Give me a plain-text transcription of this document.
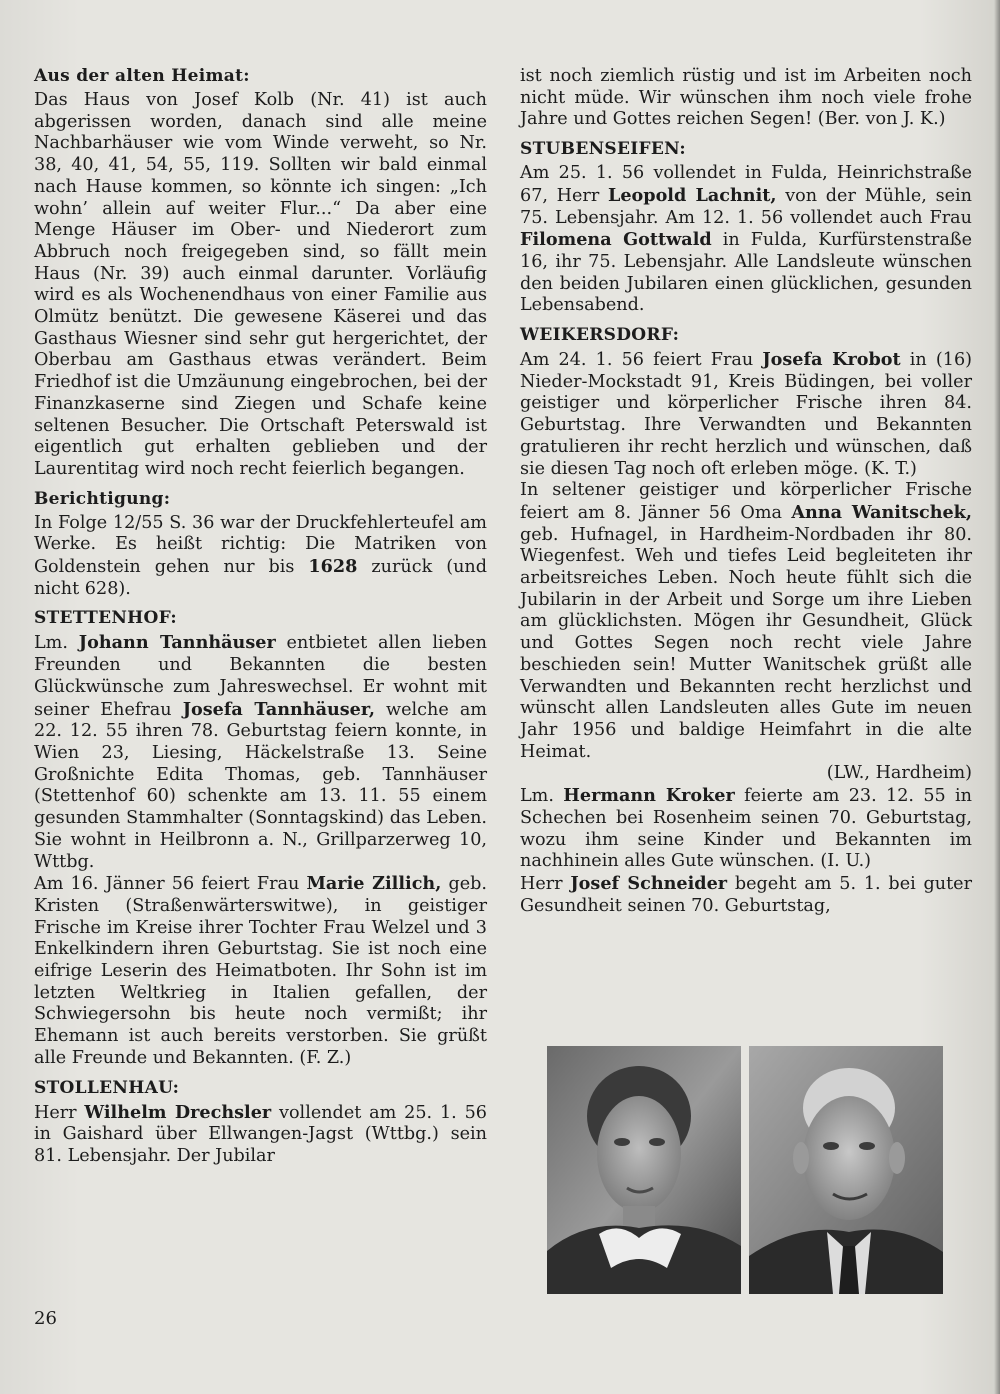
Aus der alten Heimat:

Das Haus von Josef Kolb (Nr. 41) ist auch abgerissen worden, danach sind alle meine Nachbarhäuser wie vom Winde verweht, so Nr. 38, 40, 41, 54, 55, 119. Sollten wir bald einmal nach Hause kommen, so könnte ich singen: „Ich wohn’ allein auf weiter Flur...“ Da aber eine Menge Häuser im Ober- und Niederort zum Abbruch noch freigegeben sind, so fällt mein Haus (Nr. 39) auch einmal darunter. Vorläufig wird es als Wochenendhaus von einer Familie aus Olmütz benützt. Die gewesene Käserei und das Gasthaus Wiesner sind sehr gut hergerichtet, der Oberbau am Gasthaus etwas verändert. Beim Friedhof ist die Umzäunung eingebrochen, bei der Finanzkaserne sind Ziegen und Schafe keine seltenen Besucher. Die Ortschaft Peterswald ist eigentlich gut erhalten geblieben und der Laurentitag wird noch recht feierlich begangen.

Berichtigung:

In Folge 12/55 S. 36 war der Druckfehlerteufel am Werke. Es heißt richtig: Die Matriken von Goldenstein gehen nur bis 1628 zurück (und nicht 628).

STETTENHOF:

Lm. Johann Tannhäuser entbietet allen lieben Freunden und Bekannten die besten Glückwünsche zum Jahreswechsel. Er wohnt mit seiner Ehefrau Josefa Tannhäuser, welche am 22. 12. 55 ihren 78. Geburtstag feiern konnte, in Wien 23, Liesing, Häckelstraße 13. Seine Großnichte Edita Thomas, geb. Tannhäuser (Stettenhof 60) schenkte am 13. 11. 55 einem gesunden Stammhalter (Sonntagskind) das Leben. Sie wohnt in Heilbronn a. N., Grillparzerweg 10, Wttbg.

Am 16. Jänner 56 feiert Frau Marie Zillich, geb. Kristen (Straßenwärterswitwe), in geistiger Frische im Kreise ihrer Tochter Frau Welzel und 3 Enkelkindern ihren Geburtstag. Sie ist noch eine eifrige Leserin des Heimatboten. Ihr Sohn ist im letzten Weltkrieg in Italien gefallen, der Schwiegersohn bis heute noch vermißt; ihr Ehemann ist auch bereits verstorben. Sie grüßt alle Freunde und Bekannten. (F. Z.)

STOLLENHAU:

Herr Wilhelm Drechsler vollendet am 25. 1. 56 in Gaishard über Ellwangen-Jagst (Wttbg.) sein 81. Lebensjahr. Der Jubilar

ist noch ziemlich rüstig und ist im Arbeiten noch nicht müde. Wir wünschen ihm noch viele frohe Jahre und Gottes reichen Segen! (Ber. von J. K.)

STUBENSEIFEN:

Am 25. 1. 56 vollendet in Fulda, Heinrichstraße 67, Herr Leopold Lachnit, von der Mühle, sein 75. Lebensjahr. Am 12. 1. 56 vollendet auch Frau Filomena Gottwald in Fulda, Kurfürstenstraße 16, ihr 75. Lebensjahr. Alle Landsleute wünschen den beiden Jubilaren einen glücklichen, gesunden Lebensabend.

WEIKERSDORF:

Am 24. 1. 56 feiert Frau Josefa Krobot in (16) Nieder-Mockstadt 91, Kreis Büdingen, bei voller geistiger und körperlicher Frische ihren 84. Geburtstag. Ihre Verwandten und Bekannten gratulieren ihr recht herzlich und wünschen, daß sie diesen Tag noch oft erleben möge. (K. T.)

In seltener geistiger und körperlicher Frische feiert am 8. Jänner 56 Oma Anna Wanitschek, geb. Hufnagel, in Hardheim-Nordbaden ihr 80. Wiegenfest. Weh und tiefes Leid begleiteten ihr arbeitsreiches Leben. Noch heute fühlt sich die Jubilarin in der Arbeit und Sorge um ihre Lieben am glücklichsten. Mögen ihr Gesundheit, Glück und Gottes Segen noch recht viele Jahre beschieden sein! Mutter Wanitschek grüßt alle Verwandten und Bekannten recht herzlichst und wünscht allen Landsleuten alles Gute im neuen Jahr 1956 und baldige Heimfahrt in die alte Heimat.
(LW., Hardheim)

Lm. Hermann Kroker feierte am 23. 12. 55 in Schechen bei Rosenheim seinen 70. Geburtstag, wozu ihm seine Kinder und Bekannten im nachhinein alles Gute wünschen. (I. U.)

Herr Josef Schneider begeht am 5. 1. bei guter Gesundheit seinen 70. Geburtstag,

26
